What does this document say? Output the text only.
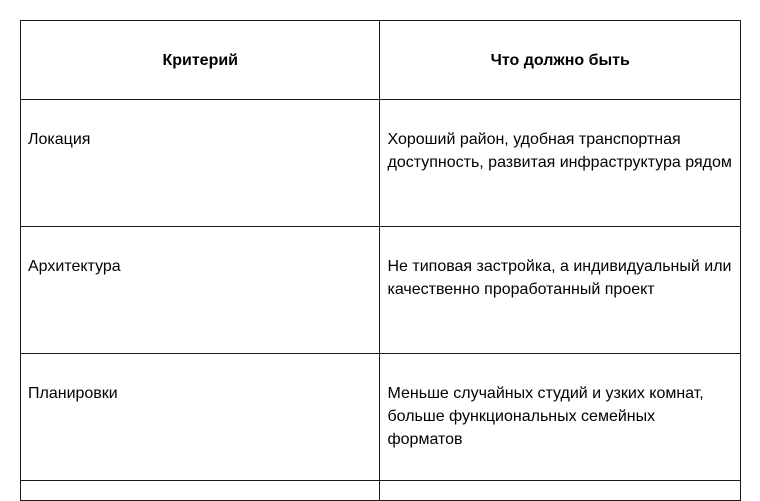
Критерий	Что должно быть
Локация	Хороший район, удобная транспортная доступность, развитая инфраструктура рядом
Архитектура	Не типовая застройка, а индивидуальный или качественно проработанный проект
Планировки	Меньше случайных студий и узких комнат, больше функциональных семейных форматов
